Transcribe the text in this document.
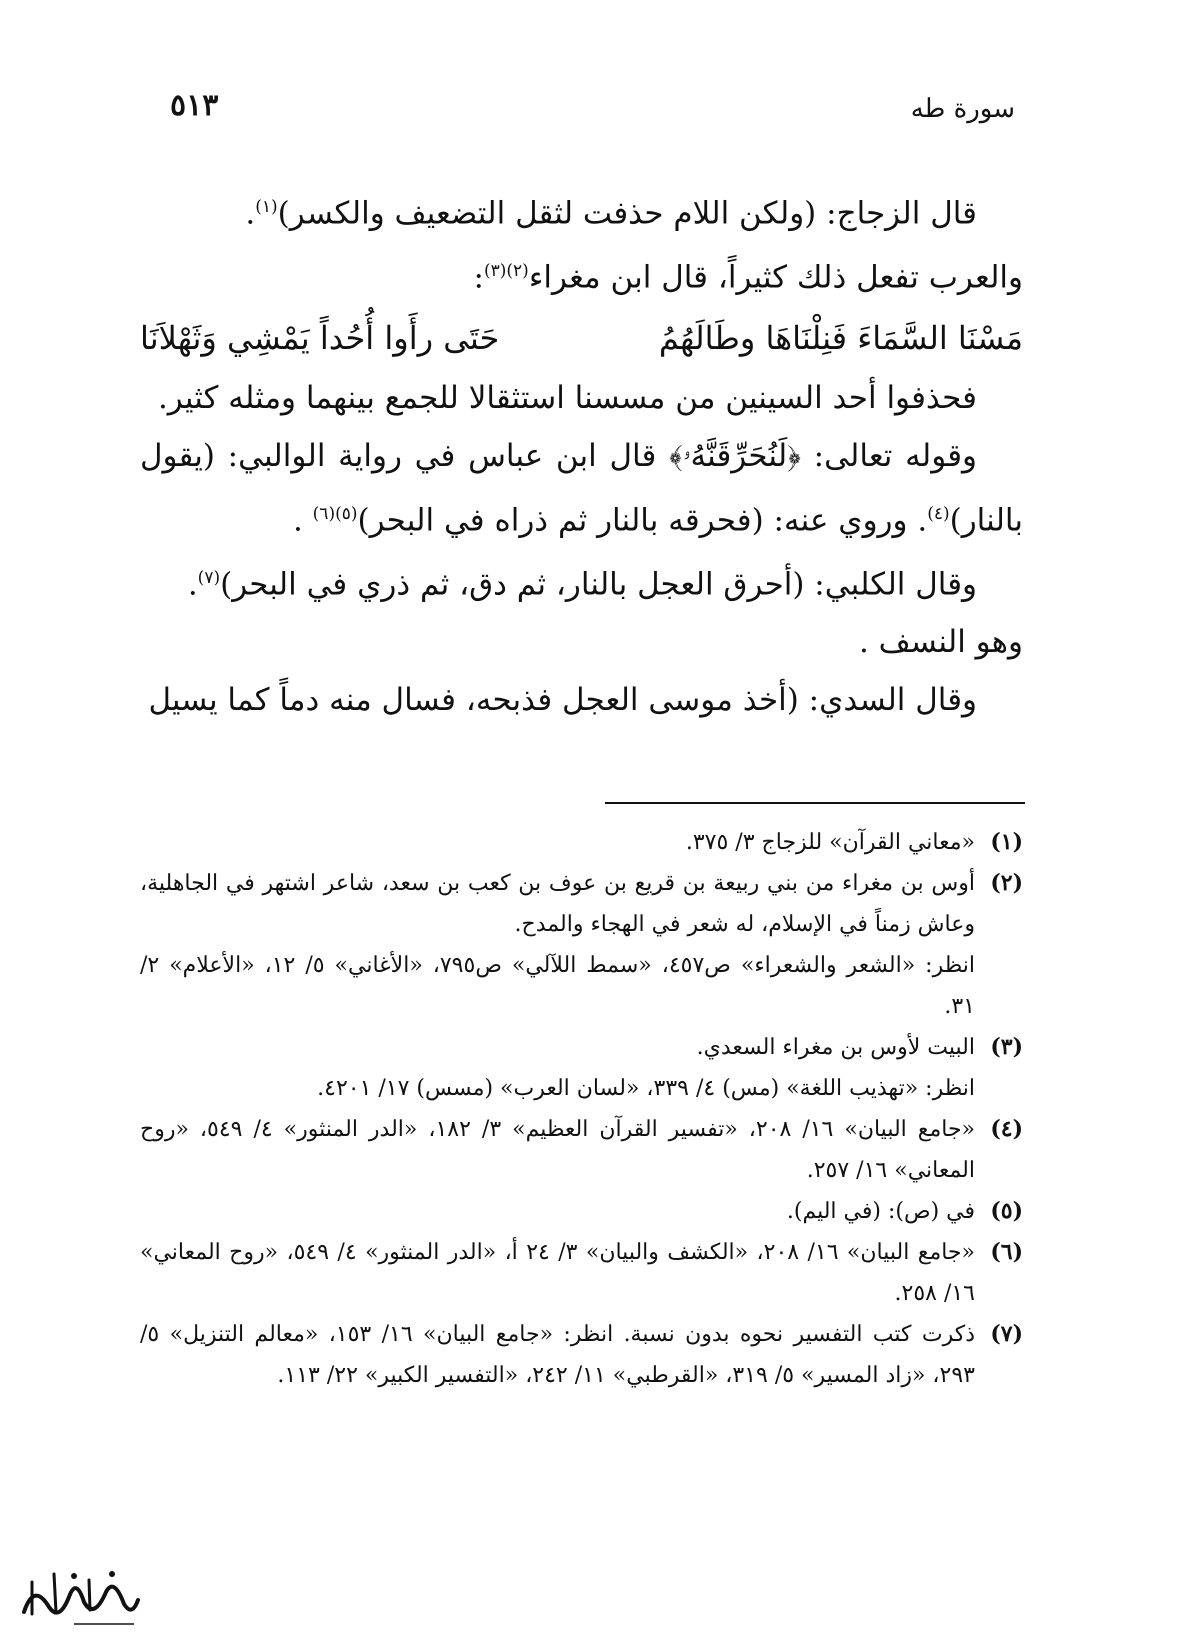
سورة طه
٥١٣

قال الزجاج: (ولكن اللام حذفت لثقل التضعيف والكسر)$^{(١)}$.

والعرب تفعل ذلك كثيراً، قال ابن مغراء$^{(٢)(٣)}$:

مَسْنَا السَّمَاءَ فَنِلْنَاهَا وطَالَهُمُ
حَتَى رأَوا أُحُداً يَمْشِي وَثَهْلاَنَا

فحذفوا أحد السينين من مسسنا استثقالا للجمع بينهما ومثله كثير.

وقوله تعالى: ﴿لَنُحَرِّقَنَّهُۥ﴾ قال ابن عباس في رواية الوالبي: (يقول بالنار)$^{(٤)}$. وروي عنه: (فحرقه بالنار ثم ذراه في البحر)$^{(٥)(٦)}$ .

وقال الكلبي: (أحرق العجل بالنار، ثم دق، ثم ذري في البحر)$^{(٧)}$.

وهو النسف .

وقال السدي: (أخذ موسى العجل فذبحه، فسال منه دماً كما يسيل

(١)

«معاني القرآن» للزجاج ٣/ ٣٧٥.

(٢)

أوس بن مغراء من بني ربيعة بن قريع بن عوف بن كعب بن سعد، شاعر اشتهر في الجاهلية، وعاش زمناً في الإسلام، له شعر في الهجاء والمدح.

انظر: «الشعر والشعراء» ص٤٥٧، «سمط اللآلي» ص٧٩٥، «الأغاني» ٥/ ١٢، «الأعلام» ٢/ ٣١.

(٣)

البيت لأوس بن مغراء السعدي.

انظر: «تهذيب اللغة» (مس) ٤/ ٣٣٩، «لسان العرب» (مسس) ١٧/ ٤٢٠١.

(٤)

«جامع البيان» ١٦/ ٢٠٨، «تفسير القرآن العظيم» ٣/ ١٨٢، «الدر المنثور» ٤/ ٥٤٩، «روح المعاني» ١٦/ ٢٥٧.

(٥)

في (ص): (في اليم).

(٦)

«جامع البيان» ١٦/ ٢٠٨، «الكشف والبيان» ٣/ ٢٤ أ، «الدر المنثور» ٤/ ٥٤٩، «روح المعاني» ١٦/ ٢٥٨.

(٧)

ذكرت كتب التفسير نحوه بدون نسبة. انظر: «جامع البيان» ١٦/ ١٥٣، «معالم التنزيل» ٥/ ٢٩٣، «زاد المسير» ٥/ ٣١٩، «القرطبي» ١١/ ٢٤٢، «التفسير الكبير» ٢٢/ ١١٣.
